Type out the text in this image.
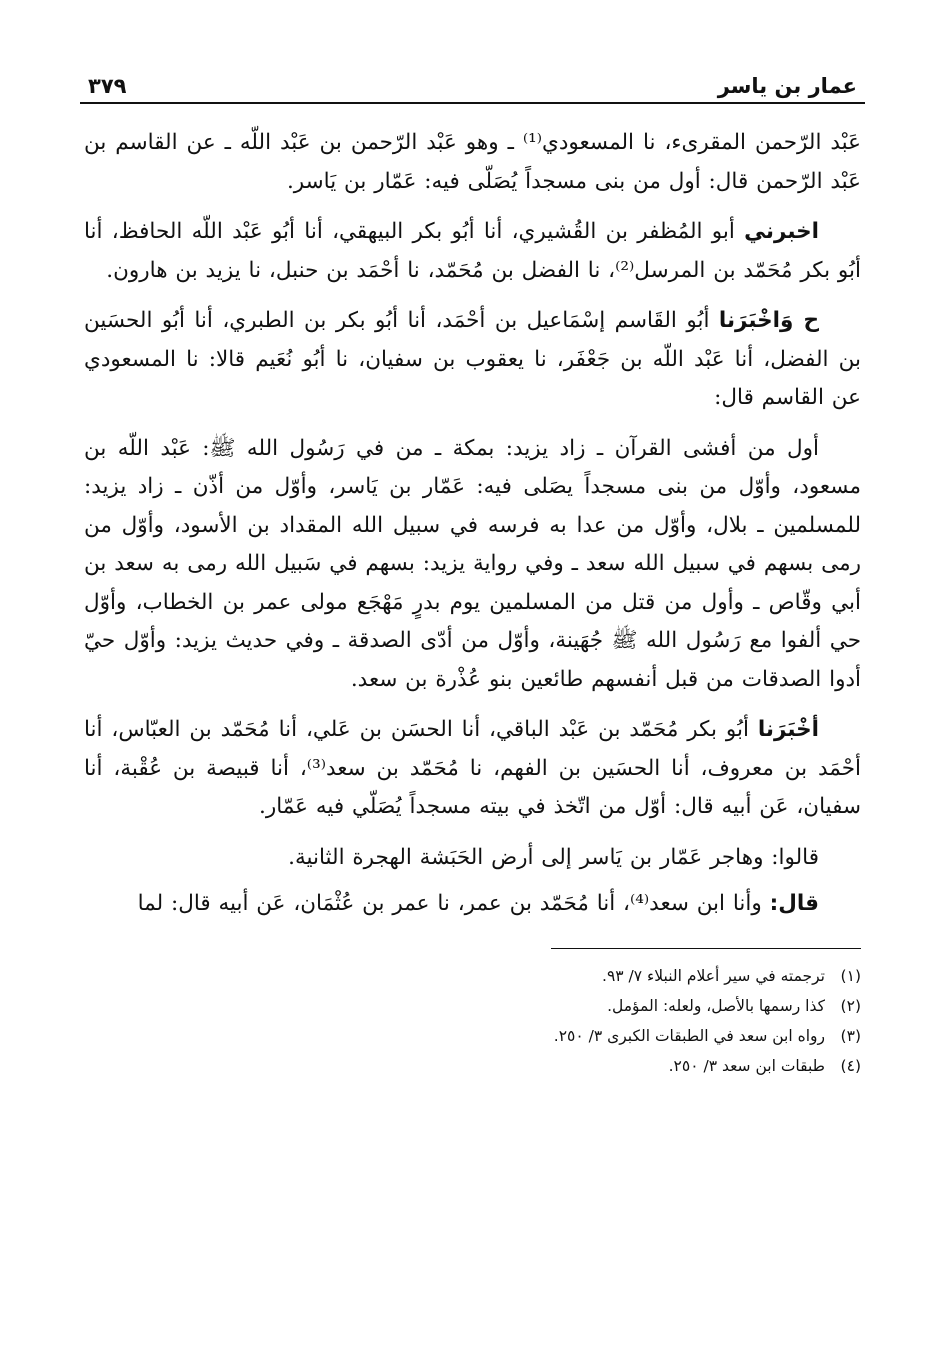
عمار بن ياسر
٣٧٩

عَبْد الرّحمن المقرىء، نا المسعودي⁽¹⁾ ـ وهو عَبْد الرّحمن بن عَبْد اللّه ـ عن القاسم بن عَبْد الرّحمن قال: أول من بنى مسجداً يُصَلّى فيه: عَمّار بن يَاسر.

اخبرني أبو المُظفر بن القُشيري، أنا أبُو بكر البيهقي، أنا أبُو عَبْد اللّه الحافظ، أنا أبُو بكر مُحَمّد بن المرسل⁽²⁾، نا الفضل بن مُحَمّد، نا أحْمَد بن حنبل، نا يزيد بن هارون.

ح وَاخْبَرَنا أبُو القَاسم إسْمَاعيل بن أحْمَد، أنا أبُو بكر بن الطبري، أنا أبُو الحسَين بن الفضل، أنا عَبْد اللّه بن جَعْفَر، نا يعقوب بن سفيان، نا أبُو نُعَيم قالا: نا المسعودي عن القاسم قال:

أول من أفشى القرآن ـ زاد يزيد: بمكة ـ من في رَسُول الله ﷺ: عَبْد اللّه بن مسعود، وأوّل من بنى مسجداً يصَلى فيه: عَمّار بن يَاسر، وأوّل من أذّن ـ زاد يزيد: للمسلمين ـ بلال، وأوّل من عدا به فرسه في سبيل الله المقداد بن الأسود، وأوّل من رمى بسهم في سبيل الله سعد ـ وفي رواية يزيد: بسهم في سَبيل الله رمى به سعد بن أبي وقّاص ـ وأول من قتل من المسلمين يوم بدرٍ مَهْجَع مولى عمر بن الخطاب، وأوّل حي ألفوا مع رَسُول الله ﷺ جُهَينة، وأوّل من أدّى الصدقة ـ وفي حديث يزيد: وأوّل حيّ أدوا الصدقات من قبل أنفسهم طائعين بنو عُذْرة بن سعد.

أخْبَرَنا أبُو بكر مُحَمّد بن عَبْد الباقي، أنا الحسَن بن عَلي، أنا مُحَمّد بن العبّاس، أنا أحْمَد بن معروف، أنا الحسَين بن الفهم، نا مُحَمّد بن سعد⁽³⁾، أنا قبيصة بن عُقْبة، أنا سفيان، عَن أبيه قال: أوّل من اتّخذ في بيته مسجداً يُصَلّي فيه عَمّار.

قالوا: وهاجر عَمّار بن يَاسر إلى أرض الحَبَشة الهجرة الثانية.

قال: وأنا ابن سعد⁽⁴⁾، أنا مُحَمّد بن عمر، نا عمر بن عُثْمَان، عَن أبيه قال: لما

(١)
ترجمته في سير أعلام النبلاء ٧/ ٩٣.
(٢)
كذا رسمها بالأصل، ولعله: المؤمل.
(٣)
رواه ابن سعد في الطبقات الكبرى ٣/ ٢٥٠.
(٤)
طبقات ابن سعد ٣/ ٢٥٠.
